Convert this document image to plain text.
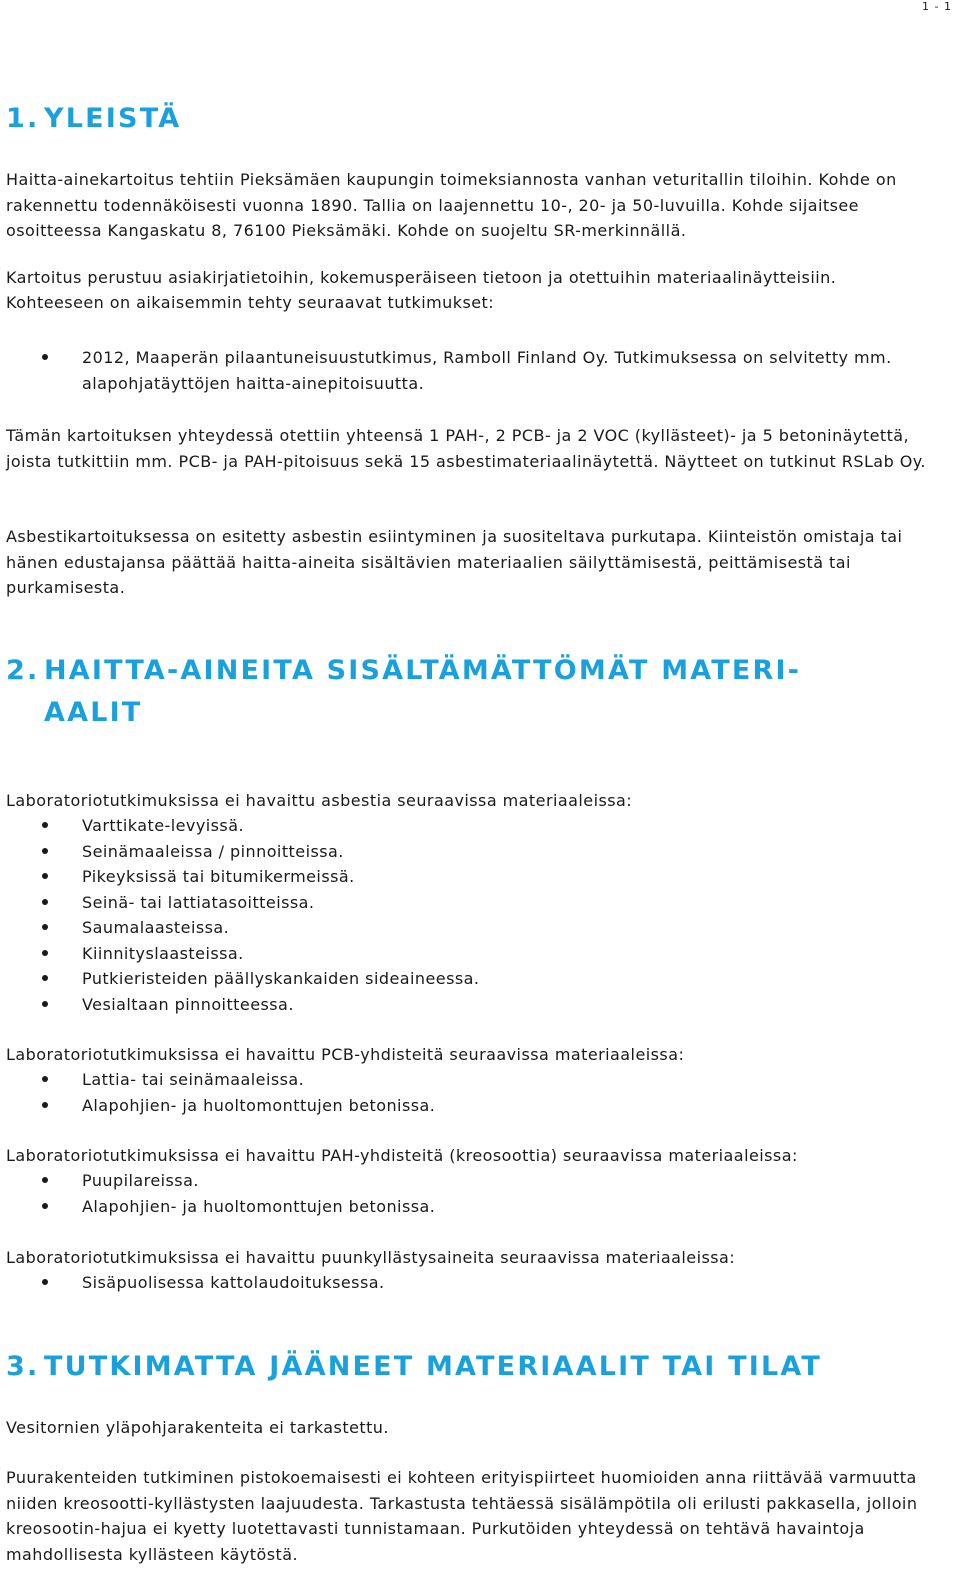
1 - 1
1. YLEISTÄ

Haitta-ainekartoitus tehtiin Pieksämäen kaupungin toimeksiannosta vanhan veturitallin tiloihin. Kohde on rakennettu todennäköisesti vuonna 1890. Tallia on laajennettu 10-, 20- ja 50-luvuilla. Kohde sijaitsee osoitteessa Kangaskatu 8, 76100 Pieksämäki. Kohde on suojeltu SR-merkinnällä.

Kartoitus perustuu asiakirjatietoihin, kokemusperäiseen tietoon ja otettuihin materiaalinäytteisiin.

Kohteeseen on aikaisemmin tehty seuraavat tutkimukset:

2012, Maaperän pilaantuneisuustutkimus, Ramboll Finland Oy. Tutkimuksessa on selvitetty mm. alapohjatäyttöjen haitta-ainepitoisuutta.

Tämän kartoituksen yhteydessä otettiin yhteensä 1 PAH-, 2 PCB- ja 2 VOC (kyllästeet)- ja 5 betoninäytettä, joista tutkittiin mm. PCB- ja PAH-pitoisuus sekä 15 asbestimateriaalinäytettä. Näytteet on tutkinut RSLab Oy.

Asbestikartoituksessa on esitetty asbestin esiintyminen ja suositeltava purkutapa. Kiinteistön omistaja tai hänen edustajansa päättää haitta-aineita sisältävien materiaalien säilyttämisestä, peittämisestä tai purkamisesta.

2. HAITTA-AINEITA SISÄLTÄMÄTTÖMÄT MATERI-
AALIT

Laboratoriotutkimuksissa ei havaittu asbestia seuraavissa materiaaleissa:

Varttikate-levyissä.
Seinämaaleissa / pinnoitteissa.
Pikeyksissä tai bitumikermeissä.
Seinä- tai lattiatasoitteissa.
Saumalaasteissa.
Kiinnityslaasteissa.
Putkieristeiden päällyskankaiden sideaineessa.
Vesialtaan pinnoitteessa.

Laboratoriotutkimuksissa ei havaittu PCB-yhdisteitä seuraavissa materiaaleissa:

Lattia- tai seinämaaleissa.
Alapohjien- ja huoltomonttujen betonissa.

Laboratoriotutkimuksissa ei havaittu PAH-yhdisteitä (kreosoottia) seuraavissa materiaaleissa:

Puupilareissa.
Alapohjien- ja huoltomonttujen betonissa.

Laboratoriotutkimuksissa ei havaittu puunkyllästysaineita seuraavissa materiaaleissa:

Sisäpuolisessa kattolaudoituksessa.
3. TUTKIMATTA JÄÄNEET MATERIAALIT TAI TILAT

Vesitornien yläpohjarakenteita ei tarkastettu.

Puurakenteiden tutkiminen pistokoemaisesti ei kohteen erityispiirteet huomioiden anna riittävää varmuutta niiden kreosootti-kyllästysten laajuudesta. Tarkastusta tehtäessä sisälämpötila oli erilusti pakkasella, jolloin kreosootin-hajua ei kyetty luotettavasti tunnistamaan. Purkutöiden yhteydessä on tehtävä havaintoja mahdollisesta kyllästeen käytöstä.
